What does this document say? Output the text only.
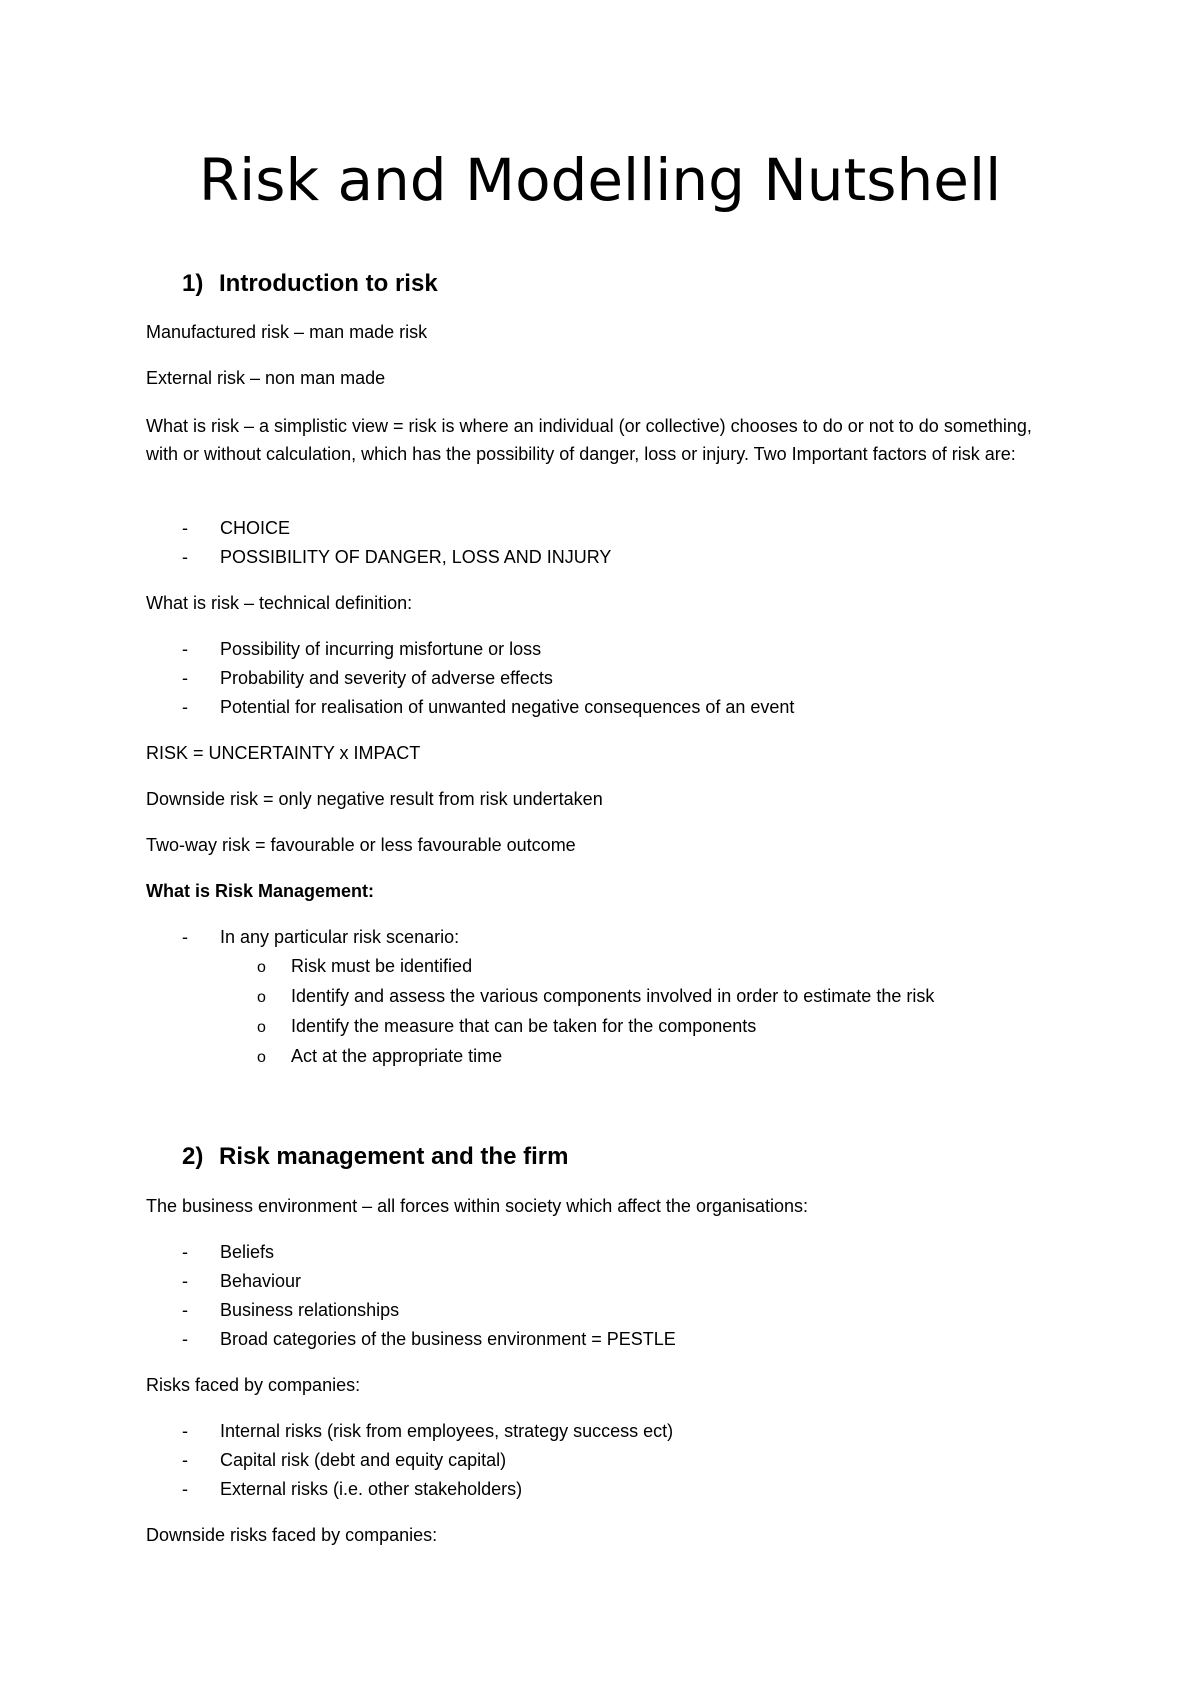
Risk and Modelling Nutshell
1) Introduction to risk
Manufactured risk – man made risk
External risk – non man made
What is risk – a simplistic view = risk is where an individual (or collective) chooses to do or not to do something, with or without calculation, which has the possibility of danger, loss or injury. Two Important factors of risk are:
- CHOICE
- POSSIBILITY OF DANGER, LOSS AND INJURY
What is risk – technical definition:
- Possibility of incurring misfortune or loss
- Probability and severity of adverse effects
- Potential for realisation of unwanted negative consequences of an event
RISK = UNCERTAINTY x IMPACT
Downside risk = only negative result from risk undertaken
Two-way risk = favourable or less favourable outcome
What is Risk Management:
- In any particular risk scenario:
o Risk must be identified
o Identify and assess the various components involved in order to estimate the risk
o Identify the measure that can be taken for the components
o Act at the appropriate time
2) Risk management and the firm
The business environment – all forces within society which affect the organisations:
- Beliefs
- Behaviour
- Business relationships
- Broad categories of the business environment = PESTLE
Risks faced by companies:
- Internal risks (risk from employees, strategy success ect)
- Capital risk (debt and equity capital)
- External risks (i.e. other stakeholders)
Downside risks faced by companies:
